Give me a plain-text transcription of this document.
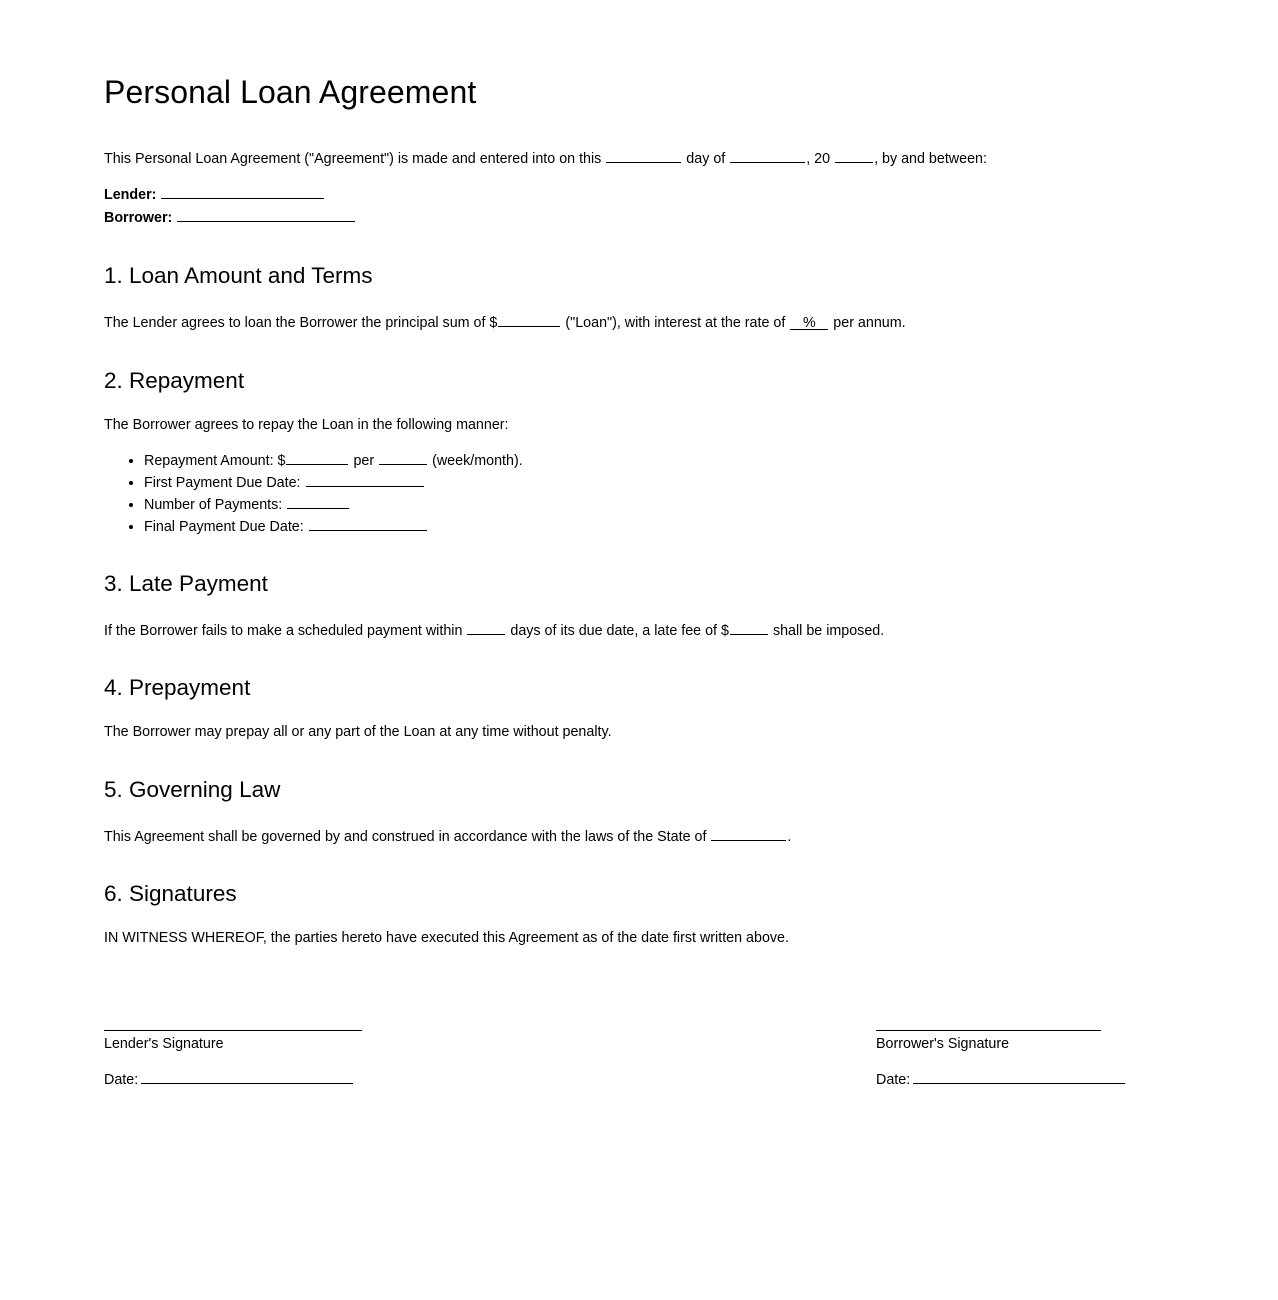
Personal Loan Agreement

This Personal Loan Agreement ("Agreement") is made and entered into on this	day of	, 20	, by and between:

Lender:
Borrower:
1. Loan Amount and Terms

The Lender agrees to loan the Borrower the principal sum of $	("Loan"), with interest at the rate of % per annum.

2. Repayment

The Borrower agrees to repay the Loan in the following manner:

• Repayment Amount: $	per	(week/month).
• First Payment Due Date:
• Number of Payments:
• Final Payment Due Date:
3. Late Payment

If the Borrower fails to make a scheduled payment within	days of its due date, a late fee of $	shall be imposed.

4. Prepayment

The Borrower may prepay all or any part of the Loan at any time without penalty.

5. Governing Law

This Agreement shall be governed by and construed in accordance with the laws of the State of	.

6. Signatures

IN WITNESS WHEREOF, the parties hereto have executed this Agreement as of the date first written above.

Lender's Signature
Date:
Borrower's Signature
Date:
